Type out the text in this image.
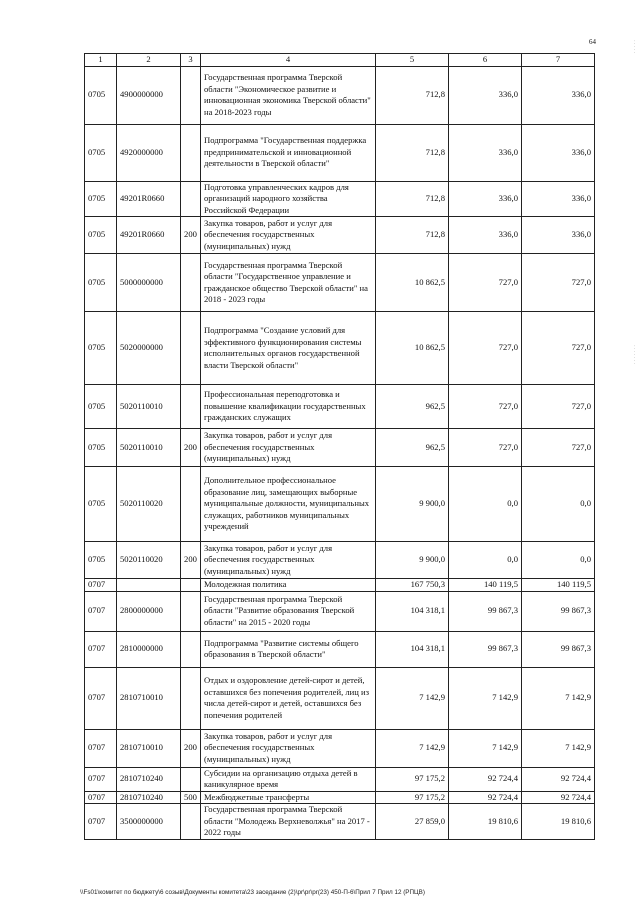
64	· · · · ·
· · · · · · ·
1	2	3	4	5	6	7
0705	4900000000		Государственная программа Тверской области "Экономическое развитие и инновационная экономика Тверской области" на 2018-2023 годы	712,8	336,0	336,0
0705	4920000000		Подпрограмма "Государственная поддержка предпринимательской и инновационной деятельности в Тверской области"	712,8	336,0	336,0
0705	49201R0660		Подготовка управленческих кадров для организаций народного хозяйства Российской Федерации	712,8	336,0	336,0
0705	49201R0660	200	Закупка товаров, работ и услуг для обеспечения государственных (муниципальных) нужд	712,8	336,0	336,0
0705	5000000000		Государственная программа Тверской области "Государственное управление и гражданское общество Тверской области" на 2018 - 2023 годы	10 862,5	727,0	727,0
0705	5020000000		Подпрограмма "Создание условий для эффективного функционирования системы исполнительных органов государственной власти Тверской области"	10 862,5	727,0	727,0
0705	5020110010		Профессиональная переподготовка и повышение квалификации государственных гражданских служащих	962,5	727,0	727,0
0705	5020110010	200	Закупка товаров, работ и услуг для обеспечения государственных (муниципальных) нужд	962,5	727,0	727,0
0705	5020110020		Дополнительное профессиональное образование лиц, замещающих выборные муниципальные должности, муниципальных служащих, работников муниципальных учреждений	9 900,0	0,0	0,0
0705	5020110020	200	Закупка товаров, работ и услуг для обеспечения государственных (муниципальных) нужд	9 900,0	0,0	0,0
0707			Молодежная политика	167 750,3	140 119,5	140 119,5
0707	2800000000		Государственная программа Тверской области "Развитие образования Тверской области" на 2015 - 2020 годы	104 318,1	99 867,3	99 867,3
0707	2810000000		Подпрограмма "Развитие системы общего образования в Тверской области"	104 318,1	99 867,3	99 867,3
0707	2810710010		Отдых и оздоровление детей-сирот и детей, оставшихся без попечения родителей, лиц из числа детей-сирот и детей, оставшихся без попечения родителей	7 142,9	7 142,9	7 142,9
0707	2810710010	200	Закупка товаров, работ и услуг для обеспечения государственных (муниципальных) нужд	7 142,9	7 142,9	7 142,9
0707	2810710240		Субсидии на организацию отдыха детей в каникулярное время	97 175,2	92 724,4	92 724,4
0707	2810710240	500	Межбюджетные трансферты	97 175,2	92 724,4	92 724,4
0707	3500000000		Государственная программа Тверской области "Молодежь Верхневолжья" на 2017 - 2022 годы	27 859,0	19 810,6	19 810,6
\\Fs01\комитет по бюджету\6 созыв\Документы комитета\23 заседание (2)\pr\pr\pr(23) 450-П-6\Прил 7 Прил 12 (РПЦВ)
